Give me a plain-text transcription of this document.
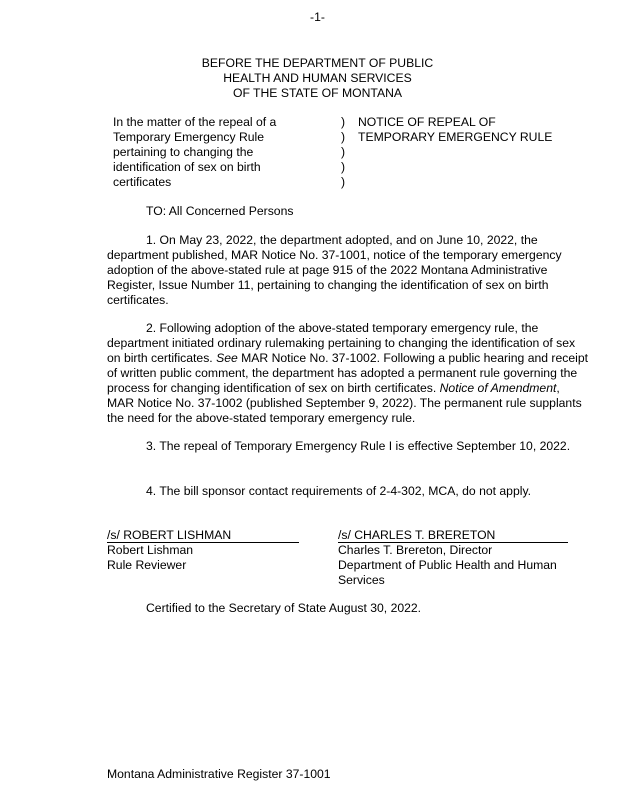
-1-
BEFORE THE DEPARTMENT OF PUBLIC
HEALTH AND HUMAN SERVICES
OF THE STATE OF MONTANA
In the matter of the repeal of a
Temporary Emergency Rule
pertaining to changing the
identification of sex on birth
certificates
)
)
)
)
)
NOTICE OF REPEAL OF
TEMPORARY EMERGENCY RULE
TO: All Concerned Persons
1. On May 23, 2022, the department adopted, and on June 10, 2022, the department published, MAR Notice No. 37-1001, notice of the temporary emergency adoption of the above-stated rule at page 915 of the 2022 Montana Administrative Register, Issue Number 11, pertaining to changing the identification of sex on birth certificates.
2. Following adoption of the above-stated temporary emergency rule, the department initiated ordinary rulemaking pertaining to changing the identification of sex on birth certificates. See MAR Notice No. 37-1002. Following a public hearing and receipt of written public comment, the department has adopted a permanent rule governing the process for changing identification of sex on birth certificates. Notice of Amendment, MAR Notice No. 37-1002 (published September 9, 2022). The permanent rule supplants the need for the above-stated temporary emergency rule.
3. The repeal of Temporary Emergency Rule I is effective September 10, 2022.
4. The bill sponsor contact requirements of 2-4-302, MCA, do not apply.
/s/ ROBERT LISHMAN
Robert Lishman
Rule Reviewer
/s/ CHARLES T. BRERETON
Charles T. Brereton, Director
Department of Public Health and Human Services
Certified to the Secretary of State August 30, 2022.
Montana Administrative Register 37-1001
